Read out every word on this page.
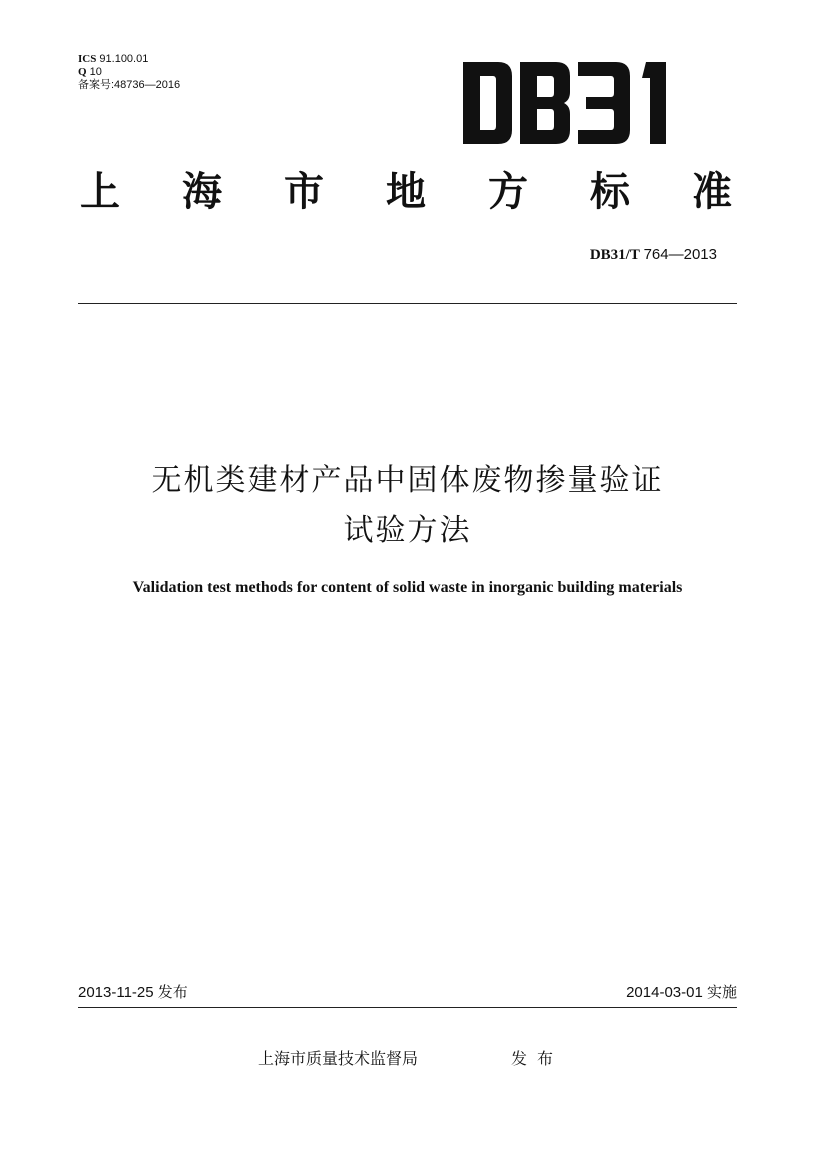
ICS 91.100.01
Q 10
备案号:48736—2016
上 海 市 地 方 标 准
DB31/T 764—2013
无机类建材产品中固体废物掺量验证
试验方法
Validation test methods for content of solid waste in inorganic building materials
2013-11-25 发布	2014-03-01 实施
上海市质量技术监督局	发布
